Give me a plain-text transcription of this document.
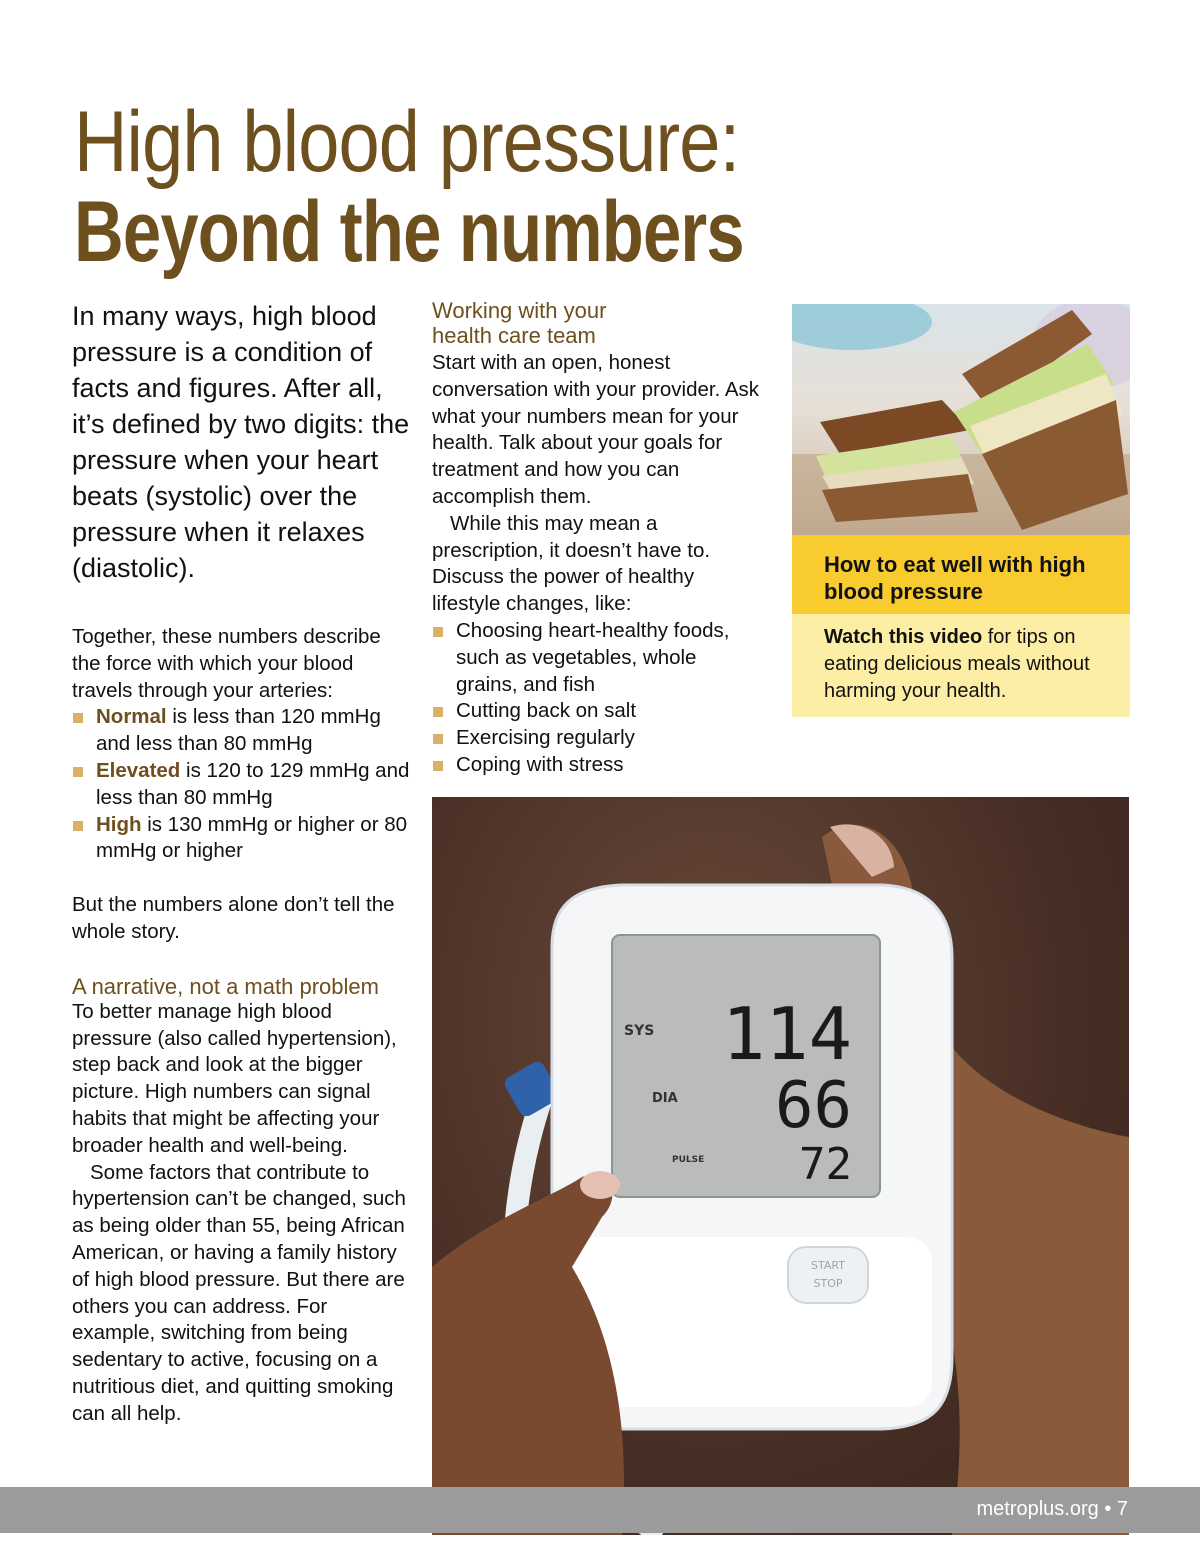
High blood pressure:
Beyond the numbers

In many ways, high blood pressure is a condition of facts and figures. After all, it’s defined by two digits: the pressure when your heart beats (systolic) over the pressure when it relaxes (diastolic).

Together, these numbers describe the force with which your blood travels through your arteries:

Normal is less than 120 mmHg and less than 80 mmHg
Elevated is 120 to 129 mmHg and less than 80 mmHg
High is 130 mmHg or higher or 80 mmHg or higher

But the numbers alone don’t tell the whole story.

A narrative, not a math problem

To better manage high blood pressure (also called hypertension), step back and look at the bigger picture. High numbers can signal habits that might be affecting your broader health and well-being.

Some factors that contribute to hypertension can’t be changed, such as being older than 55, being African American, or having a family history of high blood pressure. But there are others you can address. For example, switching from being sedentary to active, focusing on a nutritious diet, and quitting smoking can all help.

Working with your health care team

Start with an open, honest conversation with your provider. Ask what your numbers mean for your health. Talk about your goals for treatment and how you can accomplish them.

While this may mean a prescription, it doesn’t have to. Discuss the power of healthy lifestyle changes, like:

Choosing heart-healthy foods, such as vegetables, whole grains, and fish
Cutting back on salt
Exercising regularly
Coping with stress
How to eat well with high blood pressure
Watch this video for tips on eating delicious meals without harming your health.
SYS
DIA
PULSE
114
66
72
START
STOP
metroplus.org • 7
